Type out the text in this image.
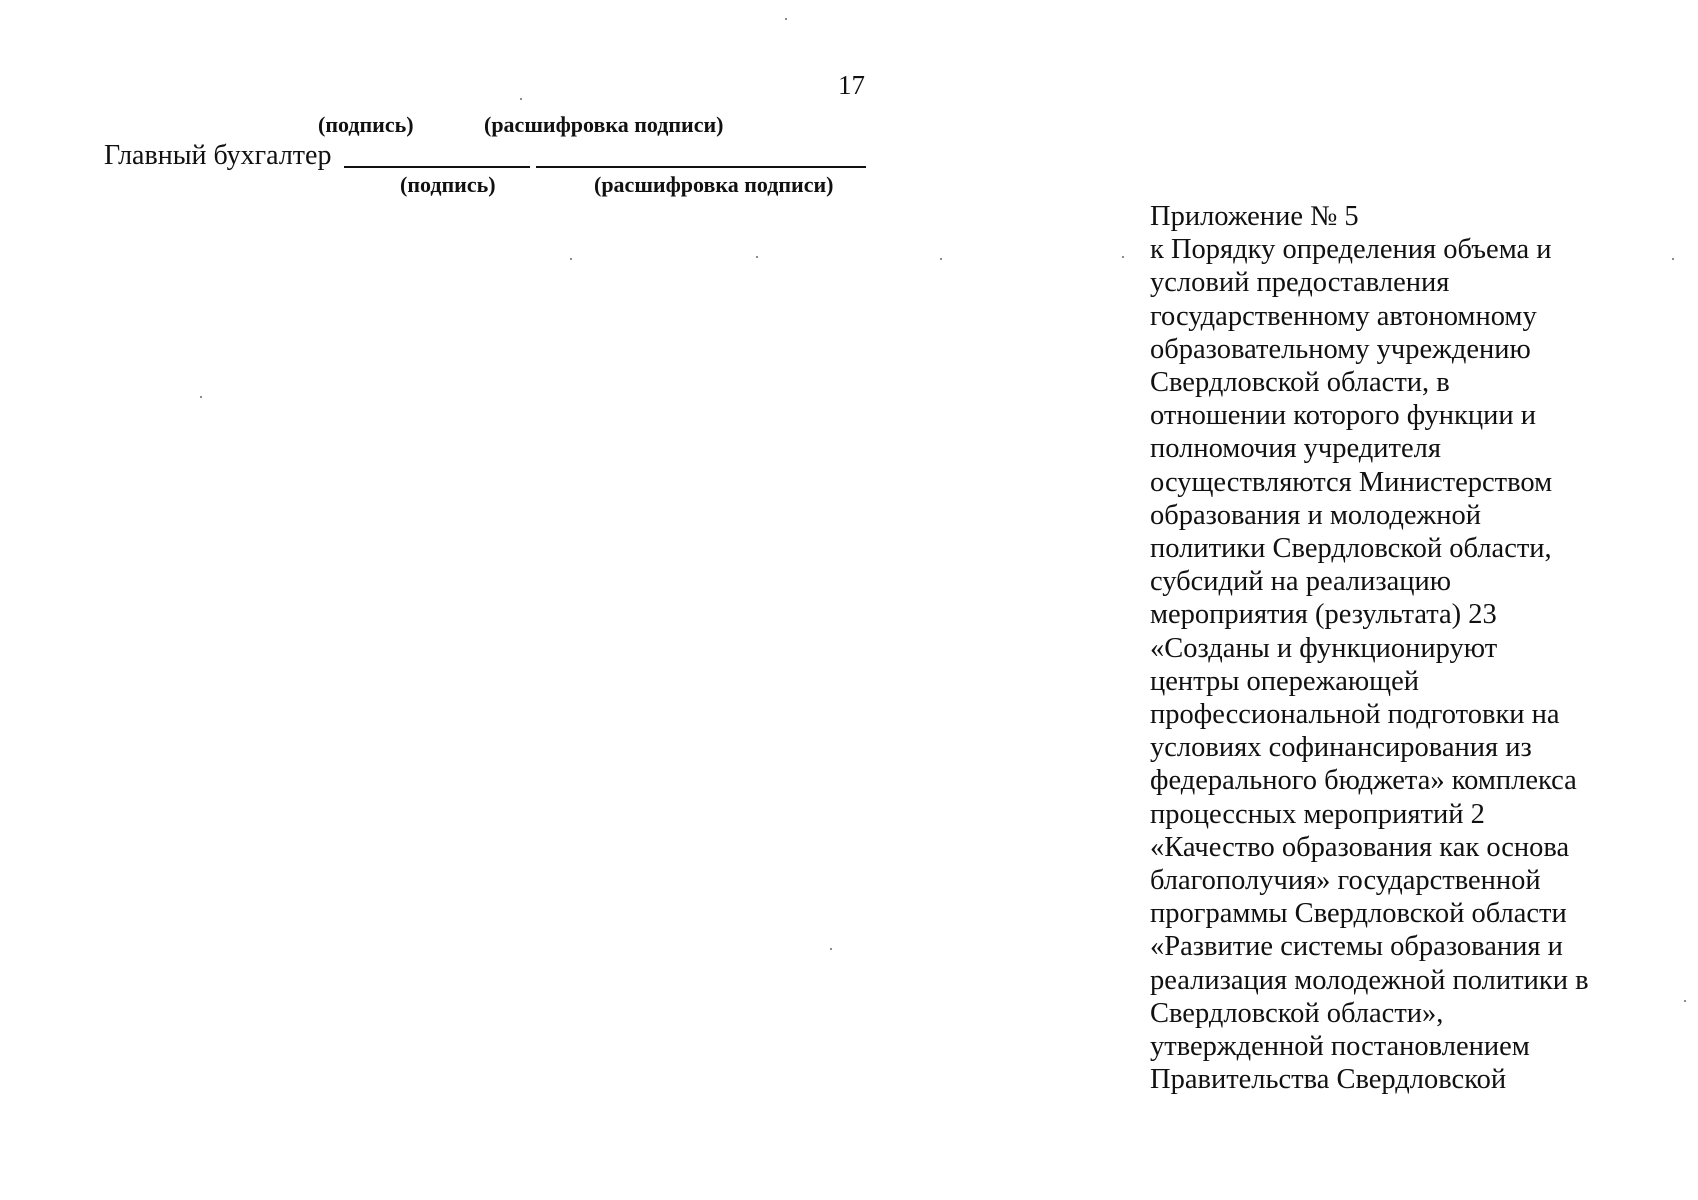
17
(подпись)	(расшифровка подписи)
Главный бухгалтер
(подпись)	(расшифровка подписи)
Приложение № 5
к Порядку определения объема и
условий предоставления
государственному автономному
образовательному учреждению
Свердловской области, в
отношении которого функции и
полномочия учредителя
осуществляются Министерством
образования и молодежной
политики Свердловской области,
субсидий на реализацию
мероприятия (результата) 23
«Созданы и функционируют
центры опережающей
профессиональной подготовки на
условиях софинансирования из
федерального бюджета» комплекса
процессных мероприятий 2
«Качество образования как основа
благополучия» государственной
программы Свердловской области
«Развитие системы образования и
реализация молодежной политики в
Свердловской области»,
утвержденной постановлением
Правительства Свердловской
